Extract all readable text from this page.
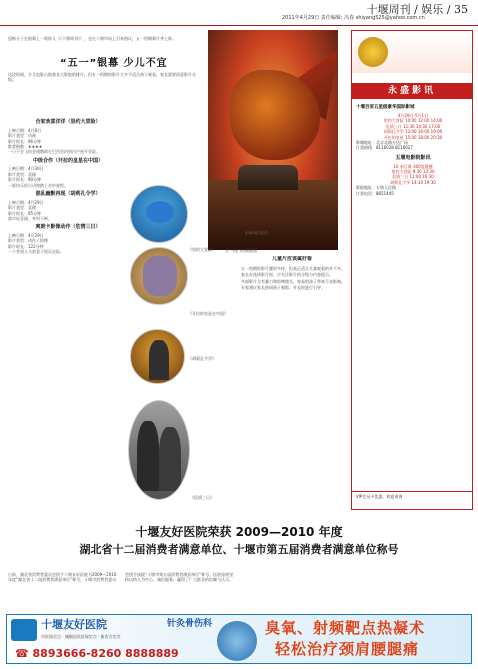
十堰周刊 / 娱乐 / 35
2011年4月29日 责任编辑: 冯春 shiyang525@yahoo.com.cn
恐怖分子在银幕上一鸣惊人（《十堰周刊》），也在十堰市场上引来热议，五一档期新片齐上阵。
“五一”银幕 少儿不宜
这段时间，少儿电影占据着各大影院的排片，但五一档期的影片大多不适合孩子观看，家长需要留意影片分级。
五一热门动画画面
合家欢喜洋洋（里约大冒险）

上映日期：4月8日

影片类型：动画

影片时长：96分钟

推荐指数：★★★★

一只不会飞的金刚鹦鹉在巴西里约热内卢展开冒险。
中级合作（开拉的皇星在中国）

上映日期：4月30日

影片类型：喜剧

影片时长：90分钟

一群快乐的小动物踏上奇妙旅程。
混乱幽默再现（胡莉孔令学）

上映日期：4月29日

影片类型：喜剧

影片时长：95分钟

都市轻喜剧，笑料不断。
爽朗卡影像动作（危情三日）

上映日期：4月29日

影片类型：动作 / 惊悚

影片时长：122分钟

一个普通人为救妻子铤而走险。	《里约大冒险》
《开拉的皇星在中国》
《胡莉孔令学》
《危情三日》
yuping 报道
儿童片应该属好看

五一档期的影片题材多样，但真正适合儿童观看的并不多。

家长在选择影片时，应关注影片的分级与内容提示。

多部影片含有暴力和惊悚镜头，容易给孩子带来不良影响。

专家建议家长陪同孩子观影，并及时进行引导。

永盛影讯
十堰百家五星级豪华国际影城
4月29日-5月1日
里约大冒险 10:00 12:00 14:00
危情三日 11:30 14:30 17:00
胡莉孔令学 13:00 16:00 19:00
开拉的皇星 15:00 18:00 20:30
影城地址：北京北路万达广场
订票热线：8116028 8116027
五堰电影院影讯
10 米巨幕·360度震撼
里约大冒险 9:30 13:30
危情三日 11:00 16:30
胡莉孔令学 14:30 19:30
影院地址：五堰人民路
订票电话：8651445
VIP会员卡优惠，欢迎垂询
十堰友好医院荣获 2009—2010 年度
湖北省十二届消费者满意单位、十堰市第五届消费者满意单位称号
日前，湖北省消费者委员会授予十堰友好医院为2009—2010年度“湖北省十二届消费者满意单位”称号，十堰市消费者委员会授予该院“十堰市第五届消费者满意单位”称号。医院始终坚持以病人为中心，诚信服务，赢得了广大群众的信赖与认可。
十堰友好医院
市医保定点 · 城镇居民医保定点 · 新农合定点
☎ 8893666-8260 8888889
针灸骨伤科	臭氧、射频靶点热凝术
轻松治疗颈肩腰腿痛
